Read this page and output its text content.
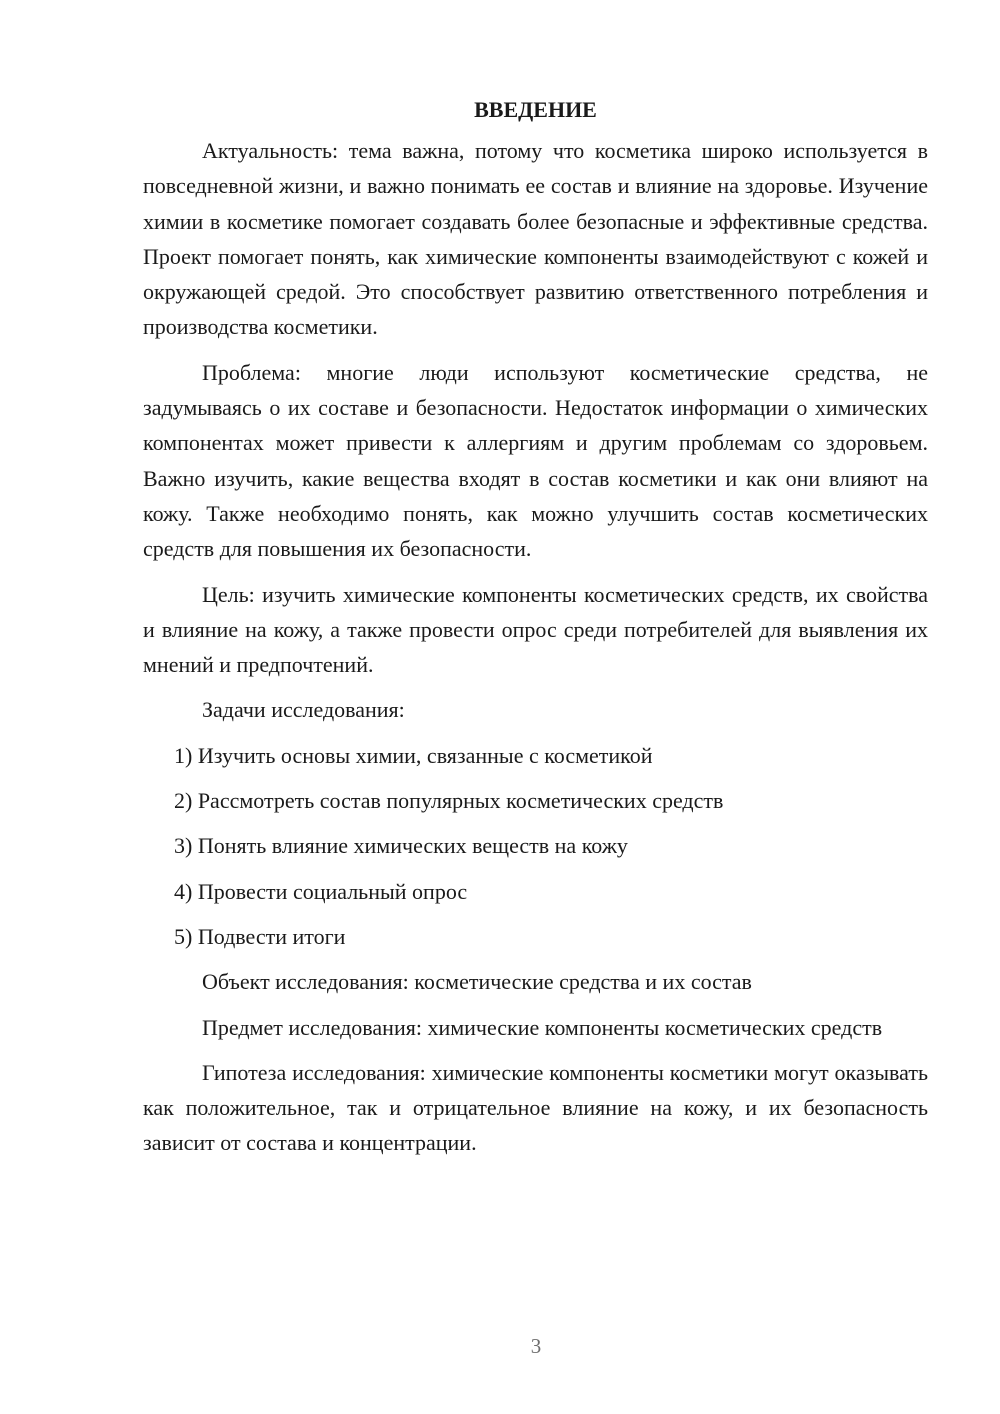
ВВЕДЕНИЕ

Актуальность: тема важна, потому что косметика широко используется в повседневной жизни, и важно понимать ее состав и влияние на здоровье. Изучение химии в косметике помогает создавать более безопасные и эффективные средства. Проект помогает понять, как химические компоненты взаимодействуют с кожей и окружающей средой. Это способствует развитию ответственного потребления и производства косметики.

Проблема: многие люди используют косметические средства, не задумываясь о их составе и безопасности. Недостаток информации о химических компонентах может привести к аллергиям и другим проблемам со здоровьем. Важно изучить, какие вещества входят в состав косметики и как они влияют на кожу. Также необходимо понять, как можно улучшить состав косметических средств для повышения их безопасности.

Цель: изучить химические компоненты косметических средств, их свойства и влияние на кожу, а также провести опрос среди потребителей для выявления их мнений и предпочтений.

Задачи исследования:

1) Изучить основы химии, связанные с косметикой

2) Рассмотреть состав популярных косметических средств

3) Понять влияние химических веществ на кожу

4) Провести социальный опрос

5) Подвести итоги

Объект исследования: косметические средства и их состав

Предмет исследования: химические компоненты косметических средств

Гипотеза исследования: химические компоненты косметики могут оказывать как положительное, так и отрицательное влияние на кожу, и их безопасность зависит от состава и концентрации.

3
